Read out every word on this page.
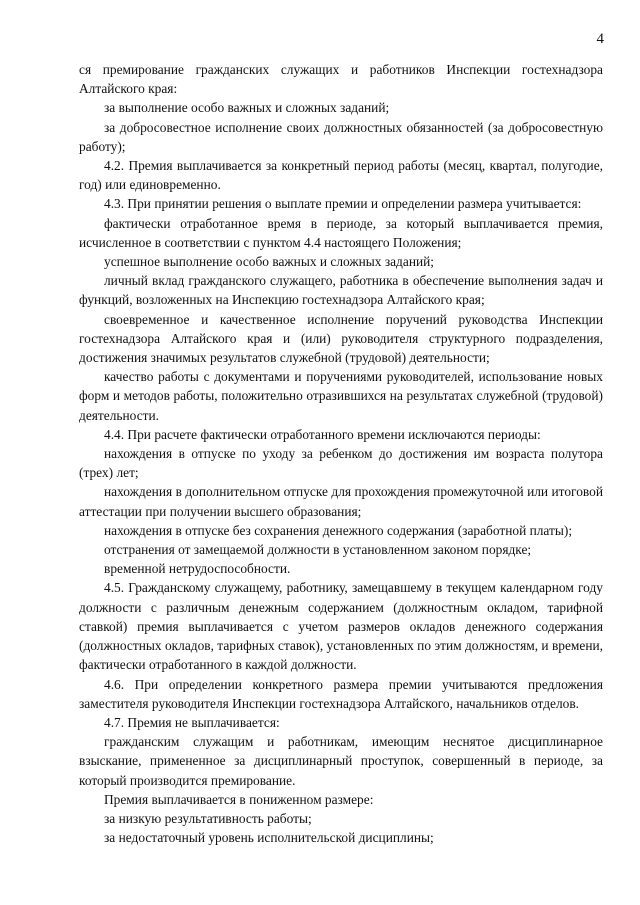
4

ся премирование гражданских служащих и работников Инспекции гостехнадзора Алтайского края:

за выполнение особо важных и сложных заданий;

за добросовестное исполнение своих должностных обязанностей (за добросовестную работу);

4.2. Премия выплачивается за конкретный период работы (месяц, квартал, полугодие, год) или единовременно.

4.3. При принятии решения о выплате премии и определении размера учитывается:

фактически отработанное время в периоде, за который выплачивается премия, исчисленное в соответствии с пунктом 4.4 настоящего Положения;

успешное выполнение особо важных и сложных заданий;

личный вклад гражданского служащего, работника в обеспечение выполнения задач и функций, возложенных на Инспекцию гостехнадзора Алтайского края;

своевременное и качественное исполнение поручений руководства Инспекции гостехнадзора Алтайского края и (или) руководителя структурного подразделения, достижения значимых результатов служебной (трудовой) деятельности;

качество работы с документами и поручениями руководителей, использование новых форм и методов работы, положительно отразившихся на результатах служебной (трудовой) деятельности.

4.4. При расчете фактически отработанного времени исключаются периоды:

нахождения в отпуске по уходу за ребенком до достижения им возраста полутора (трех) лет;

нахождения в дополнительном отпуске для прохождения промежуточной или итоговой аттестации при получении высшего образования;

нахождения в отпуске без сохранения денежного содержания (заработной платы);

отстранения от замещаемой должности в установленном законом порядке;

временной нетрудоспособности.

4.5. Гражданскому служащему, работнику, замещавшему в текущем календарном году должности с различным денежным содержанием (должностным окладом, тарифной ставкой) премия выплачивается с учетом размеров окладов денежного содержания (должностных окладов, тарифных ставок), установленных по этим должностям, и времени, фактически отработанного в каждой должности.

4.6. При определении конкретного размера премии учитываются предложения заместителя руководителя Инспекции гостехнадзора Алтайского, начальников отделов.

4.7. Премия не выплачивается:

гражданским служащим и работникам, имеющим неснятое дисциплинарное взыскание, примененное за дисциплинарный проступок, совершенный в периоде, за который производится премирование.

Премия выплачивается в пониженном размере:

за низкую результативность работы;

за недостаточный уровень исполнительской дисциплины;
